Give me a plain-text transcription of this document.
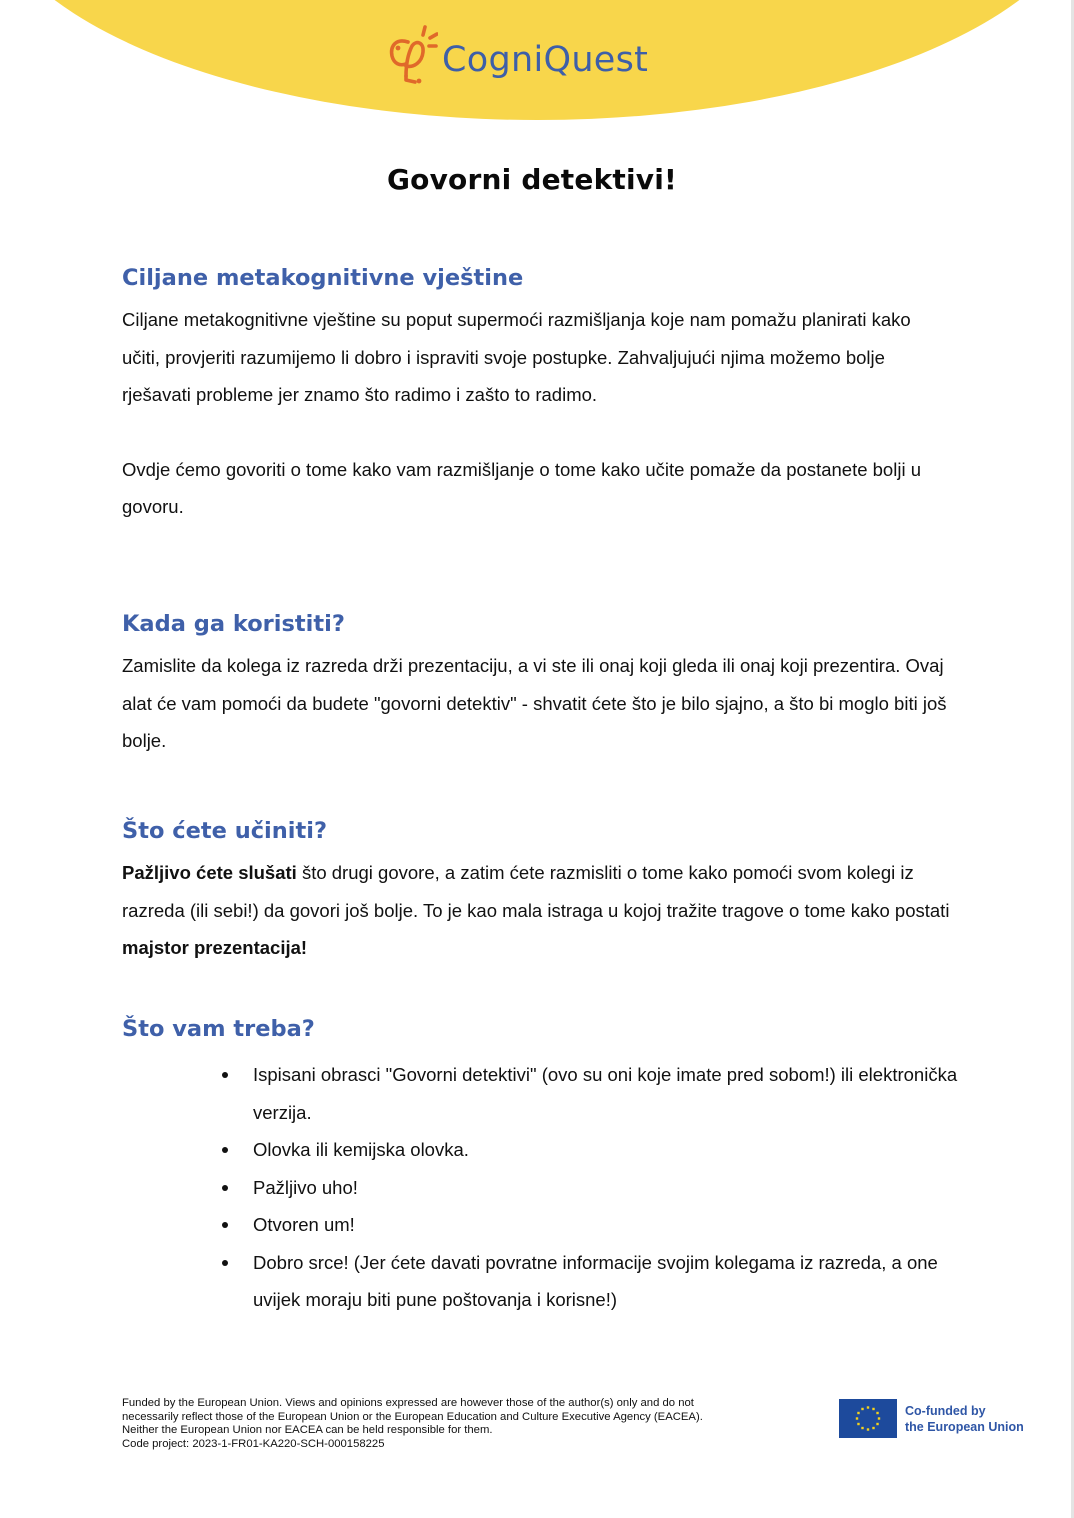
CogniQuest
Govorni detektivi!
Ciljane metakognitivne vještine

Ciljane metakognitivne vještine su poput supermoći razmišljanja koje nam pomažu planirati kako učiti, provjeriti razumijemo li dobro i ispraviti svoje postupke. Zahvaljujući njima možemo bolje rješavati probleme jer znamo što radimo i zašto to radimo.

Ovdje ćemo govoriti o tome kako vam razmišljanje o tome kako učite pomaže da postanete bolji u govoru.

Kada ga koristiti?

Zamislite da kolega iz razreda drži prezentaciju, a vi ste ili onaj koji gleda ili onaj koji prezentira. Ovaj alat će vam pomoći da budete "govorni detektiv" - shvatit ćete što je bilo sjajno, a što bi moglo biti još bolje.

Što ćete učiniti?

Pažljivo ćete slušati što drugi govore, a zatim ćete razmisliti o tome kako pomoći svom kolegi iz razreda (ili sebi!) da govori još bolje. To je kao mala istraga u kojoj tražite tragove o tome kako postati majstor prezentacija!

Što vam treba?
Ispisani obrasci "Govorni detektivi" (ovo su oni koje imate pred sobom!) ili elektronička verzija.
Olovka ili kemijska olovka.
Pažljivo uho!
Otvoren um!
Dobro srce! (Jer ćete davati povratne informacije svojim kolegama iz razreda, a one uvijek moraju biti pune poštovanja i korisne!)
Funded by the European Union. Views and opinions expressed are however those of the author(s) only and do not
necessarily reflect those of the European Union or the European Education and Culture Executive Agency (EACEA).
Neither the European Union nor EACEA can be held responsible for them.
Code project: 2023-1-FR01-KA220-SCH-000158225
Co-funded by
the European Union
